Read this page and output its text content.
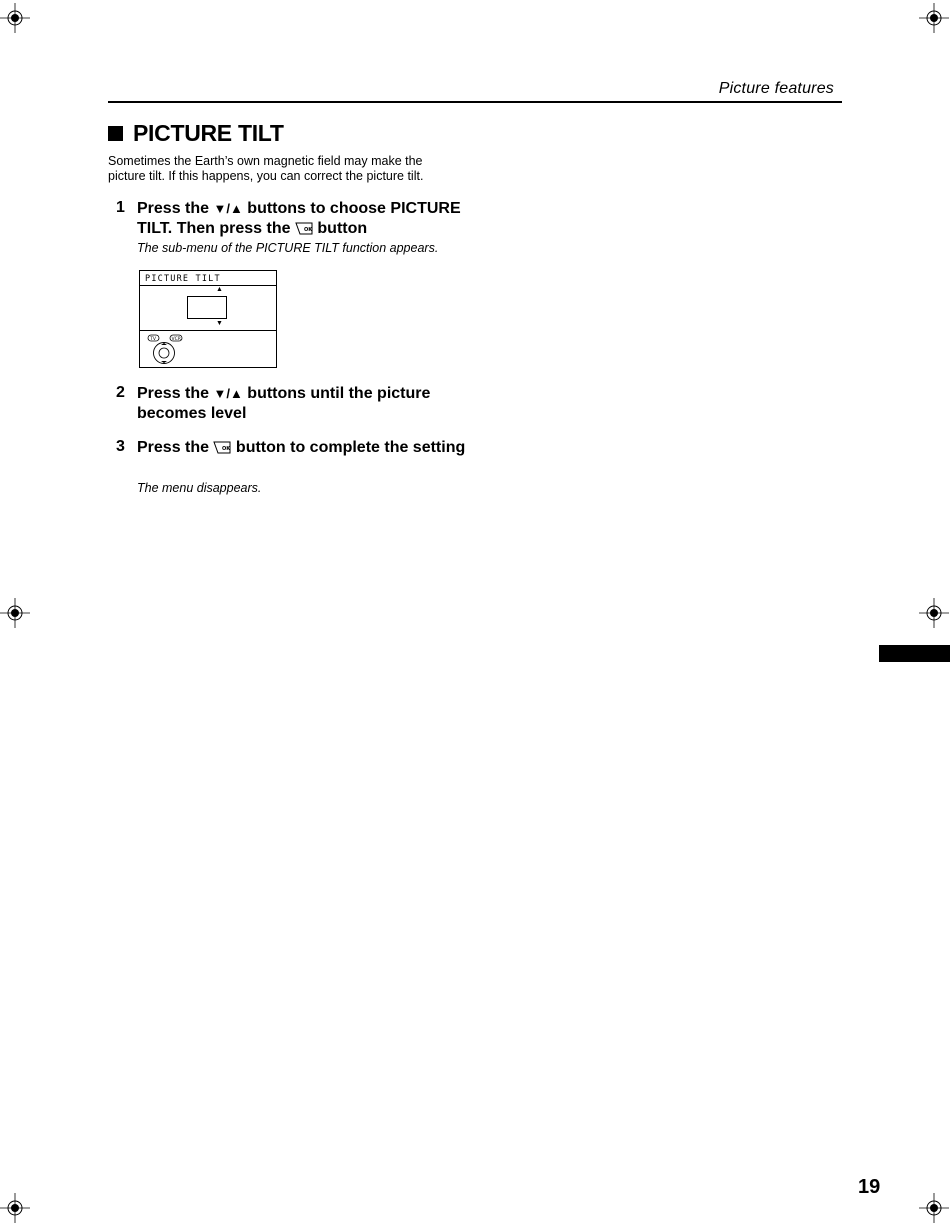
Picture features
PICTURE TILT
Sometimes the Earth’s own magnetic field may make the picture tilt. If this happens, you can correct the picture tilt.
1 Press the ▼/▲ buttons to choose PICTURE TILT. Then press the OK button
The sub-menu of the PICTURE TILT function appears.
PICTURE TILT
▲
▼
TV	VCR
2 Press the ▼/▲ buttons until the picture becomes level
3 Press the OK button to complete the setting
The menu disappears.
19
